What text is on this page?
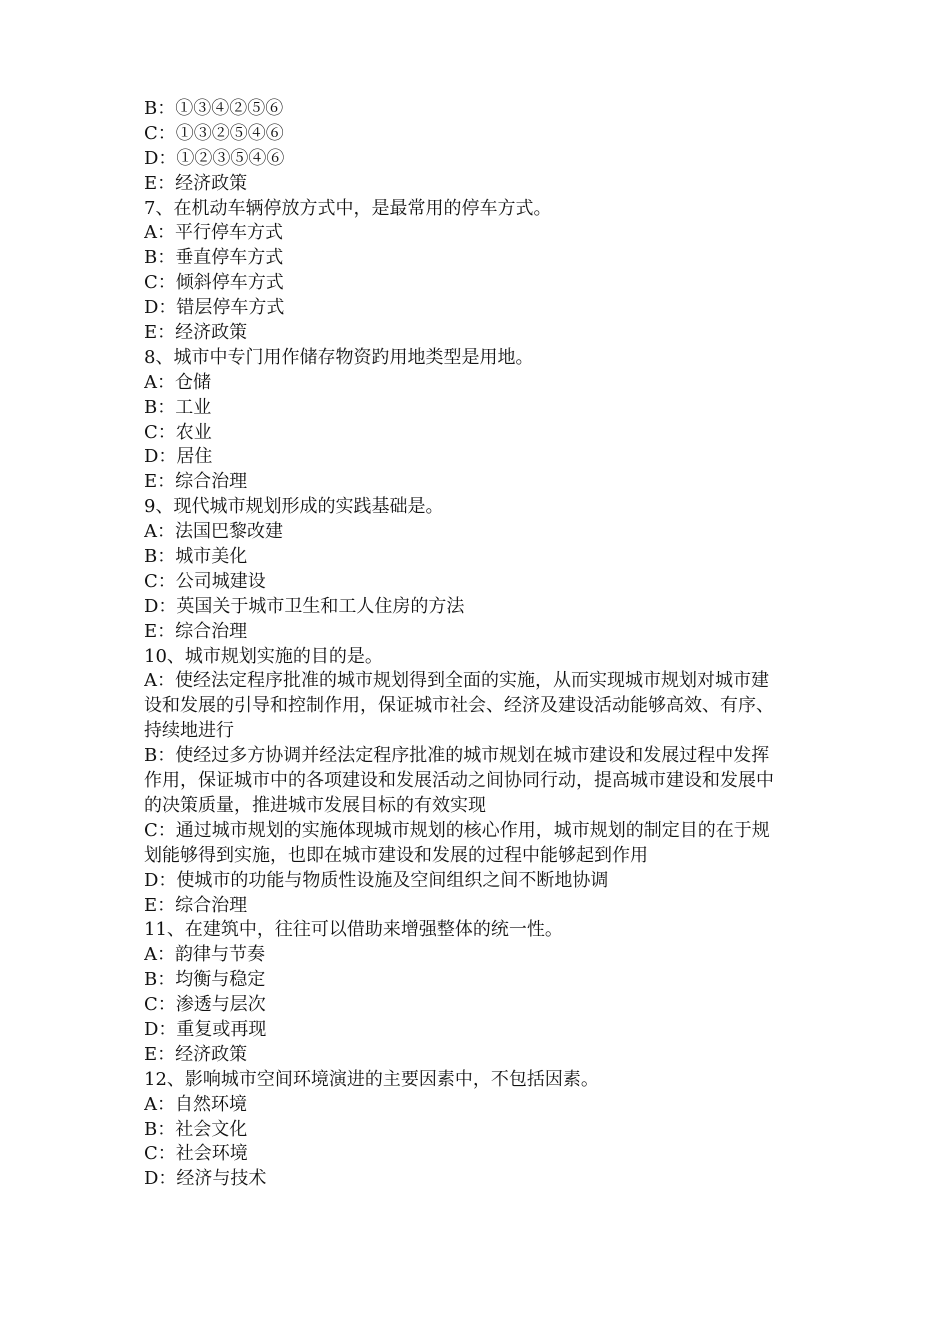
B：①③④②⑤⑥
C：①③②⑤④⑥
D：①②③⑤④⑥
E：经济政策
7、在机动车辆停放方式中，是最常用的停车方式。
A：平行停车方式
B：垂直停车方式
C：倾斜停车方式
D：错层停车方式
E：经济政策
8、城市中专门用作储存物资趵用地类型是用地。
A：仓储
B：工业
C：农业
D：居住
E：综合治理
9、现代城市规划形成的实践基础是。
A：法国巴黎改建
B：城市美化
C：公司城建设
D：英国关于城市卫生和工人住房的方法
E：综合治理
10、城市规划实施的目的是。
A：使经法定程序批准的城市规划得到全面的实施，从而实现城市规划对城市建
设和发展的引导和控制作用，保证城市社会、经济及建设活动能够高效、有序、
持续地进行
B：使经过多方协调并经法定程序批准的城市规划在城市建设和发展过程中发挥
作用，保证城市中的各项建设和发展活动之间协同行动，提高城市建设和发展中
的决策质量，推进城市发展目标的有效实现
C：通过城市规划的实施体现城市规划的核心作用，城市规划的制定目的在于规
划能够得到实施，也即在城市建设和发展的过程中能够起到作用
D：使城市的功能与物质性设施及空间组织之间不断地协调
E：综合治理
11、在建筑中，往往可以借助来增强整体的统一性。
A：韵律与节奏
B：均衡与稳定
C：渗透与层次
D：重复或再现
E：经济政策
12、影响城市空间环境演进的主要因素中，不包括因素。
A：自然环境
B：社会文化
C：社会环境
D：经济与技术
